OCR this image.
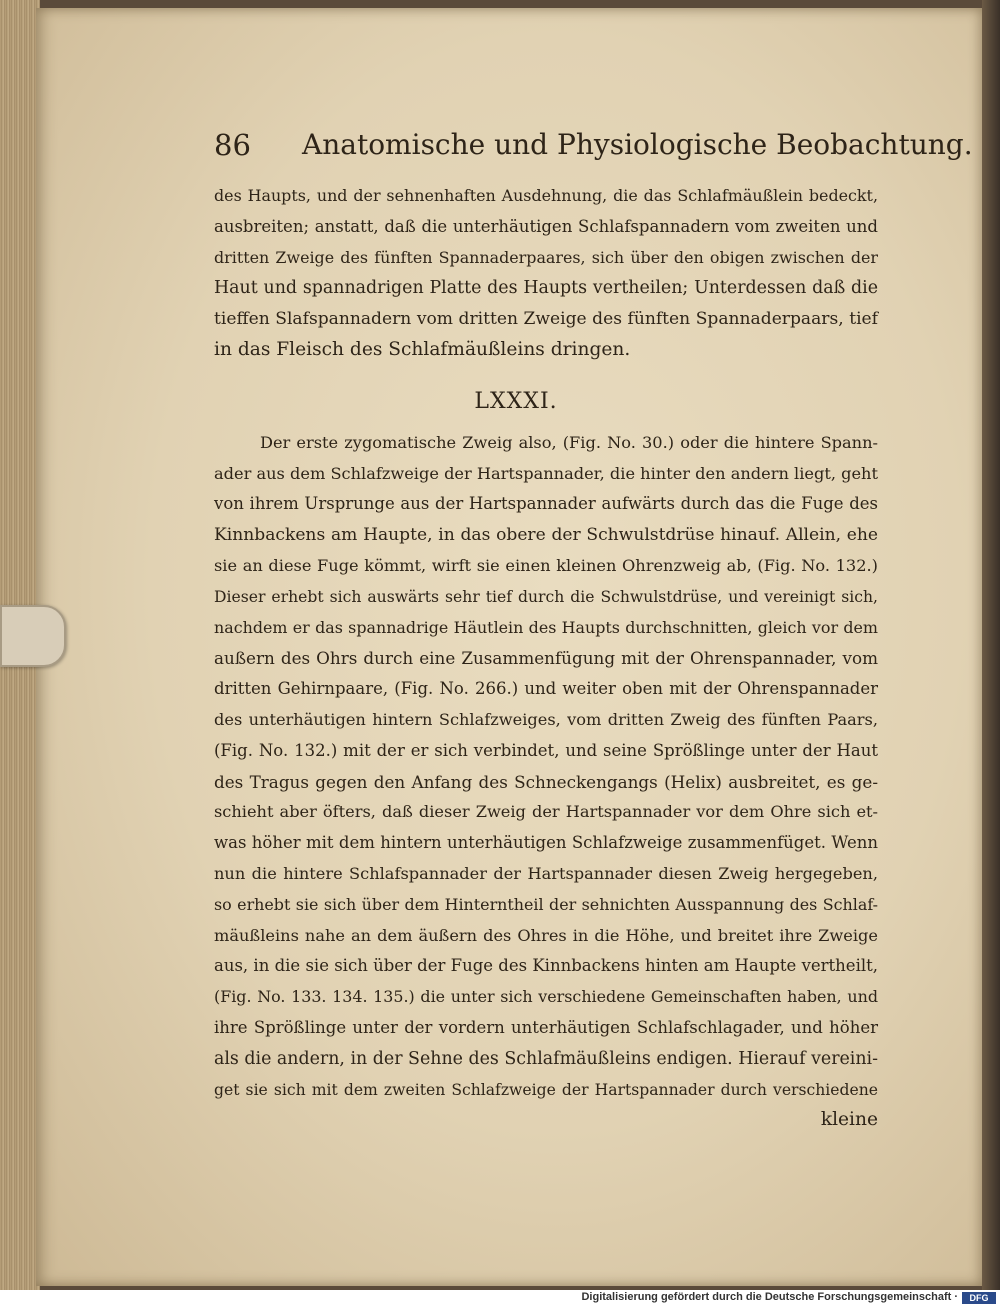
86 Anatomische und Physiologische Beobachtung.
des Haupts, und der sehnenhaften Ausdehnung, die das Schlafmäußlein bedeckt,
ausbreiten; anstatt, daß die unterhäutigen Schlafspannadern vom zweiten und
dritten Zweige des fünften Spannaderpaares, sich über den obigen zwischen der
Haut und spannadrigen Platte des Haupts vertheilen; Unterdessen daß die
tieffen Slafspannadern vom dritten Zweige des fünften Spannaderpaars, tief
in das Fleisch des Schlafmäußleins dringen.
LXXXI.
Der erste zygomatische Zweig also, (Fig. No. 30.) oder die hintere Spann-
ader aus dem Schlafzweige der Hartspannader, die hinter den andern liegt, geht
von ihrem Ursprunge aus der Hartspannader aufwärts durch das die Fuge des
Kinnbackens am Haupte, in das obere der Schwulstdrüse hinauf. Allein, ehe
sie an diese Fuge kömmt, wirft sie einen kleinen Ohrenzweig ab, (Fig. No. 132.)
Dieser erhebt sich auswärts sehr tief durch die Schwulstdrüse, und vereinigt sich,
nachdem er das spannadrige Häutlein des Haupts durchschnitten, gleich vor dem
außern des Ohrs durch eine Zusammenfügung mit der Ohrenspannader, vom
dritten Gehirnpaare, (Fig. No. 266.) und weiter oben mit der Ohrenspannader
des unterhäutigen hintern Schlafzweiges, vom dritten Zweig des fünften Paars,
(Fig. No. 132.) mit der er sich verbindet, und seine Sprößlinge unter der Haut
des Tragus gegen den Anfang des Schneckengangs (Helix) ausbreitet, es ge-
schieht aber öfters, daß dieser Zweig der Hartspannader vor dem Ohre sich et-
was höher mit dem hintern unterhäutigen Schlafzweige zusammenfüget. Wenn
nun die hintere Schlafspannader der Hartspannader diesen Zweig hergegeben,
so erhebt sie sich über dem Hinterntheil der sehnichten Ausspannung des Schlaf-
mäußleins nahe an dem äußern des Ohres in die Höhe, und breitet ihre Zweige
aus, in die sie sich über der Fuge des Kinnbackens hinten am Haupte vertheilt,
(Fig. No. 133. 134. 135.) die unter sich verschiedene Gemeinschaften haben, und
ihre Sprößlinge unter der vordern unterhäutigen Schlafschlagader, und höher
als die andern, in der Sehne des Schlafmäußleins endigen. Hierauf vereini-
get sie sich mit dem zweiten Schlafzweige der Hartspannader durch verschiedene
kleine
Digitalisierung gefördert durch die Deutsche Forschungsgemeinschaft ·	DFG
